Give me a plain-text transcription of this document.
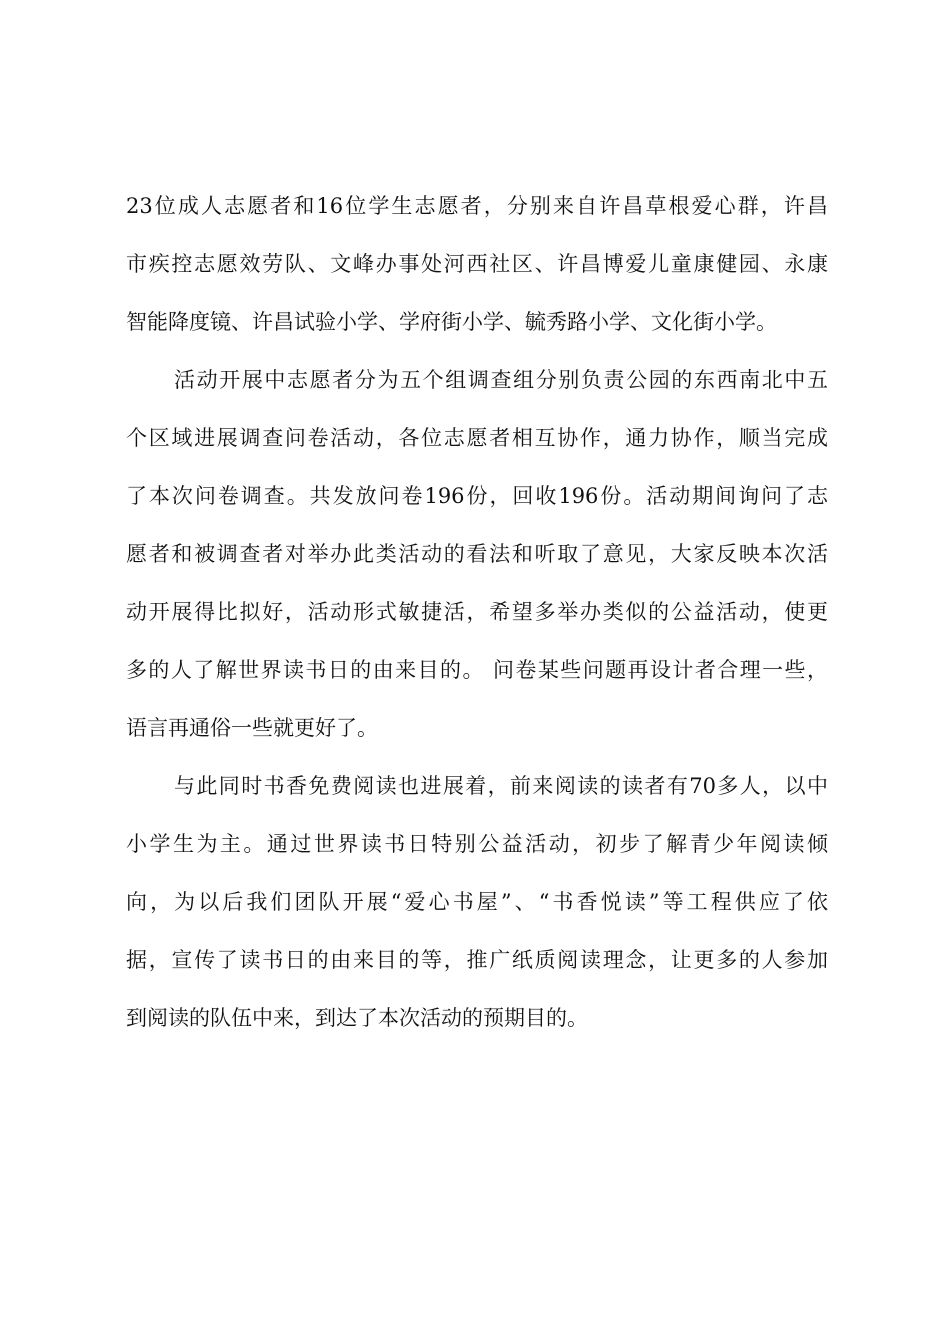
23位成人志愿者和16位学生志愿者，分别来自许昌草根爱心群，许昌
市疾控志愿效劳队、文峰办事处河西社区、许昌博爱儿童康健园、永康
智能降度镜、许昌试验小学、学府街小学、毓秀路小学、文化街小学。
活动开展中志愿者分为五个组调查组分别负责公园的东西南北中五
个区域进展调查问卷活动，各位志愿者相互协作，通力协作，顺当完成
了本次问卷调查。共发放问卷196份，回收196份。活动期间询问了志
愿者和被调查者对举办此类活动的看法和听取了意见，大家反映本次活
动开展得比拟好，活动形式敏捷活，希望多举办类似的公益活动，使更
多的人了解世界读书日的由来目的。 问卷某些问题再设计者合理一些，
语言再通俗一些就更好了。
与此同时书香免费阅读也进展着，前来阅读的读者有70多人，以中
小学生为主。通过世界读书日特别公益活动，初步了解青少年阅读倾
向，为以后我们团队开展“爱心书屋”、“书香悦读”等工程供应了依
据，宣传了读书日的由来目的等，推广纸质阅读理念，让更多的人参加
到阅读的队伍中来，到达了本次活动的预期目的。
